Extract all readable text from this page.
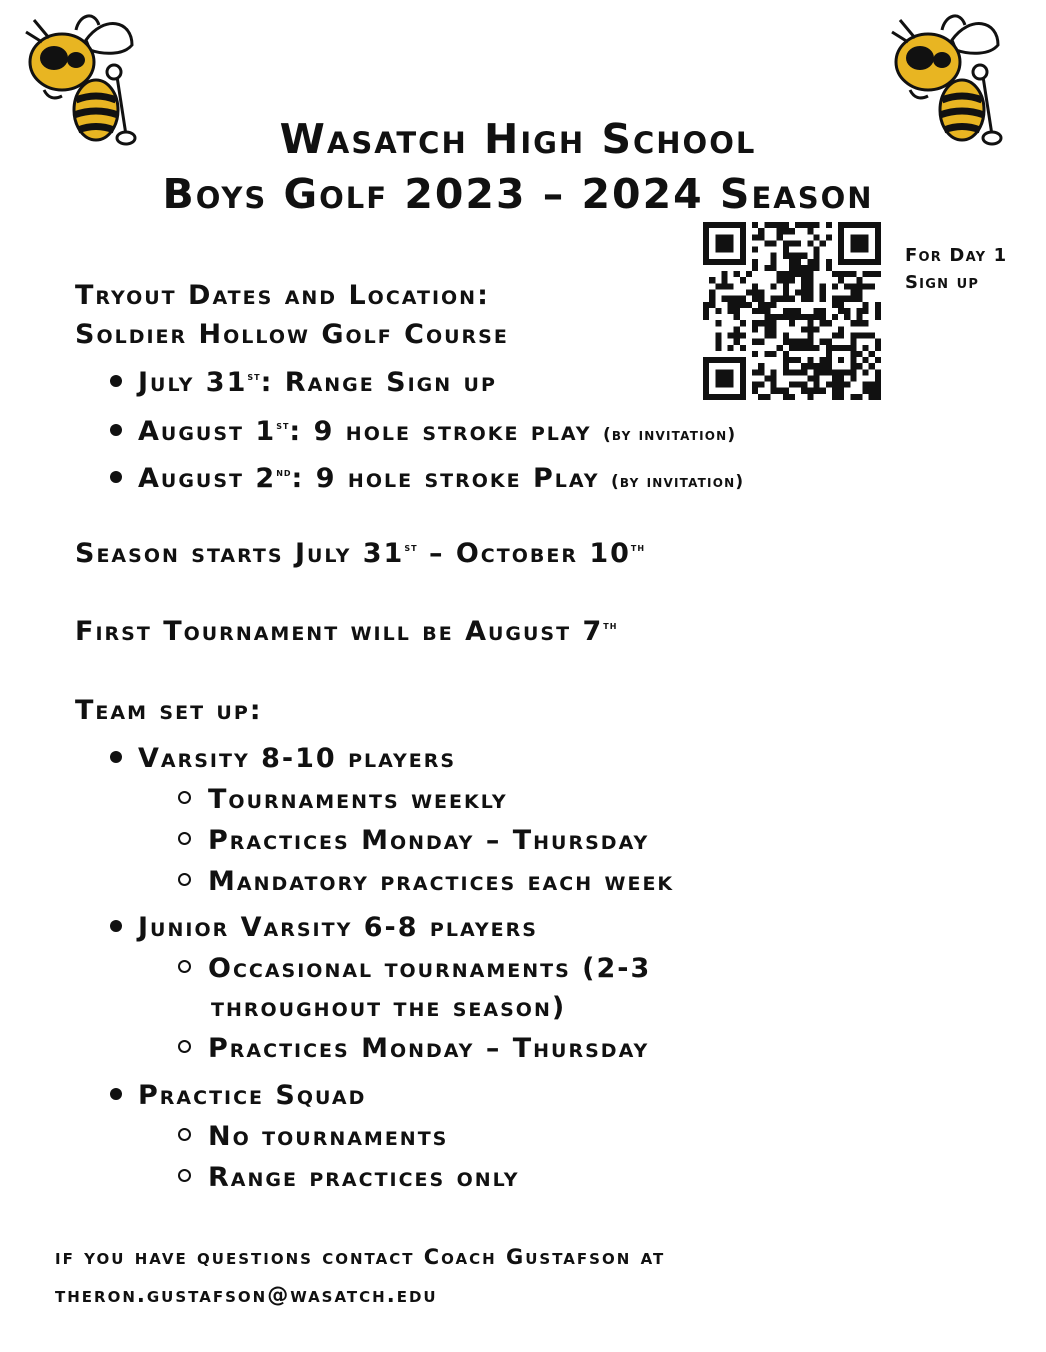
Wasatch High School
Boys Golf 2023 – 2024 Season
For Day 1
Sign up
Tryout Dates and Location:
Soldier Hollow Golf Course
July 31st: Range Sign up
August 1st: 9 hole stroke play (by invitation)
August 2nd: 9 hole stroke Play (by invitation)
Season starts July 31st – October 10th
First Tournament will be August 7th
Team set up:
Varsity 8-10 players
Tournaments weekly
Practices Monday – Thursday
Mandatory practices each week
Junior Varsity 6-8 players
Occasional tournaments (2-3
throughout the season)
Practices Monday – Thursday
Practice Squad
No tournaments
Range practices only
if you have questions contact Coach Gustafson at
theron.gustafson@wasatch.edu
